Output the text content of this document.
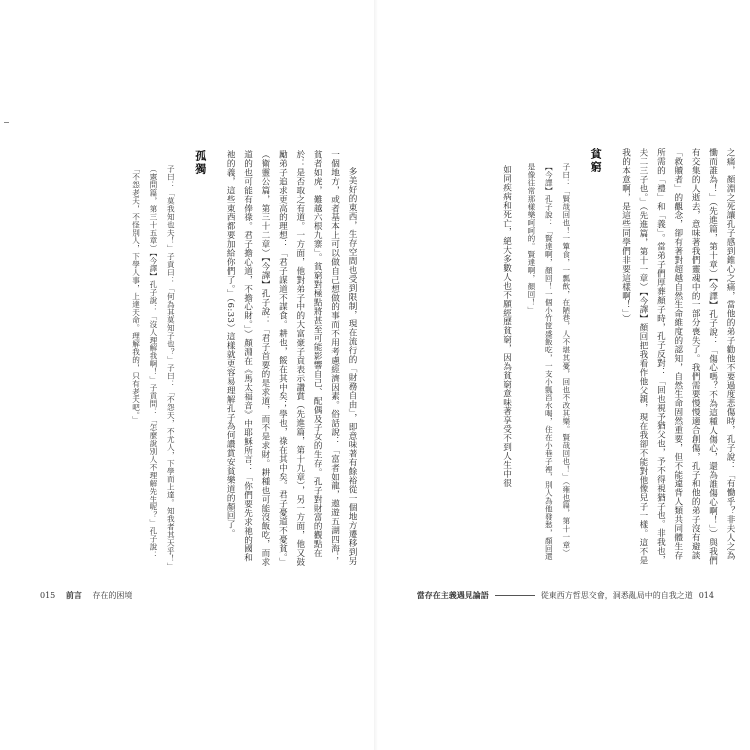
多美好的東西，生存空間也受到限制，現在流行的「財務自由」，即意味著有餘裕從一個地方遷移到另一個地方，或者基本上可以做自己想做的事而不用考慮經濟因素。俗話說：「富者如龍，遨遊五湖四海；貧者如虎，難越六根九寨」。貧窮對極點將甚至可能影響自己、配偶及子女的生存。孔子對財富的觀點在於：是否取之有道。一方面，他對弟子中的大富豪子貢表示讚賞（先進篇，第十九章），另一方面，他又鼓勵弟子追求更高的理想：「君子謀道不謀食。耕也，餒在其中矣；學也，祿在其中矣。君子憂道不憂貧。」（衛靈公篇，第三十二章）【今譯】孔子說：「君子首要的是求道，而不是求財。耕種也可能沒飯吃，而求道的也可能有俸祿。君子擔心道，不擔心財。」）顏淵在《馬太福音》中耶穌所言：「你們要先求祂的國和祂的義，這些東西都要加給你們了。」（6:33）這樣就更容易理解孔子為何讚賞安貧樂道的顏回了。

孤獨

子曰：「莫我知也夫！」子貢曰：「何為其莫知子也？」子曰：「不怨天，不尤人，下學而上達。知我者其天乎！」（憲問篇，第三十五章）【今譯】孔子說：「沒人理解我啊！」子貢問：「怎麼說別人不理解先生呢？」孔子說：「不怨老天，不怪別人，下學人事，上達天命。理解我的，只有老天吧。」

015 前言 存在的困境

之痛，顏淵之死讓孔子感到錐心之痛，當他的弟子勸他不要過度悲傷時，孔子說：「有慟乎？非夫人之為慟而誰為！」（先進篇，第十章）【今譯】孔子說：「傷心嗎？不為這種人傷心，還為誰傷心啊！」）與我們有交集的人逝去，意味著我們靈魂中的一部分喪失了。我們需要慢慢適合創傷，孔子和他的弟子沒有避談「救贖者」的觀念，卻有著對超越自然生命維度的認知，自然生命固然重要，但不能違背人類共同體生存所需的「禮」和「義」。當弟子們厚葬顏子時，孔子反對：「回也視予猶父也，予不得視猶子也。非我也，夫二三子也。」（先進篇，第十一章）【今譯】顏回把我看作他父親，現在我卻不能對他像兒子一樣。這不是我的本意啊，是這些同學們非要這樣啊！」）

貧窮

子曰：「賢哉回也！一簞食，一瓢飲，在陋巷，人不堪其憂，回也不改其樂。賢哉回也！」（雍也篇，第十一章）【今譯】孔子說：「賢達啊，顏回！一個小竹筐盛飯吃，一支小瓢舀水喝，住在小巷子裡，別人為他發愁，顏回還是像往常那樣樂呵呵的。賢達啊，顏回！」

如同疾病和死亡，絕大多數人也不願經歷貧窮，因為貧窮意味著享受不到人生中很

當存在主義遇見論語	從東西方哲思交會，洞悉亂局中的自我之道 014
